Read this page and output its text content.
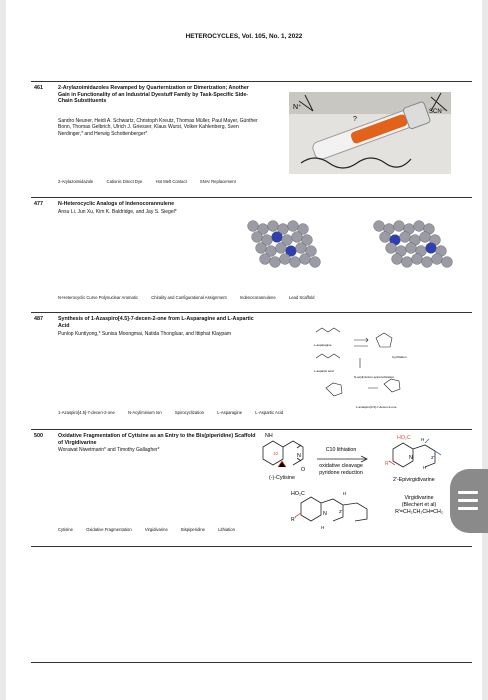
HETEROCYCLES, Vol. 105, No. 1, 2022
461	2-Arylazoimidazoles Revamped by Quarternization or Dimerization; Another Gain in Functionality of an Industrial Dyestuff Family by Task-Specific Side-Chain Substituents
Sandro Neuner, Heidi A. Schwartz, Christoph Kreutz, Thomas Müller, Paul Mayer, Günther Bonn, Thomas Gelbrich, Ulrich J. Griesser, Klaus Wurst, Volker Kahlenberg, Sven Nerdinger,* and Herwig Schottenberger*
2-Arylazoimidazole	Cationic Direct Dye	Hot Melt Contact	SNAr Replacement
N⁺
SCN⁻
?
477	N-Heterocyclic Analogs of Indenocorannulene
Ansu Li, Jun Xu, Kim K. Baldridge, and Jay S. Siegel*
N-Heterocyclic Curve Polynuclear Aromatic	Chirality and Configurational Assignment	Indenocorannulene	Lead Scaffold
487	Synthesis of 1-Azaspiro[4.5]-7-decen-2-one from L-Asparagine and L-Aspartic Acid
Punlop Kuntiyong,* Sunisa Moongmai, Natida Thongluar, and Ittiphat Klaypam
1-Azaspiro[4.5]-7-decen-2-one	N-Acyliminium Ion	Spirocyclization	L-Asparagine	L-Aspartic Acid
L-asparagine
L-aspartic acid
Cyclization
N-acyliminium spirocyclization
1-azaspiro[4.5]-7-decen-2-one
500	Oxidative Fragmentation of Cytisine as an Entry to the Bis(piperidine) Scaffold of Virgidivarine
Worawat Niwetmarin* and Timothy Gallagher*
Cytisine	Oxidative Fragmentation	Virgidivarine	Bispiperidine	Lithiation
NH
N
10
O
HO₂C H
N
R'
2'
H
H
N
R'
2'
H
HO₂C
C10 lithiation
oxidative cleavage
pyridone reduction
(-)-Cytisine	2'-Epivirgidivarine
Virgidivarine
(Blechert et al)
R'=CH₂CH₂CH=CH₂
